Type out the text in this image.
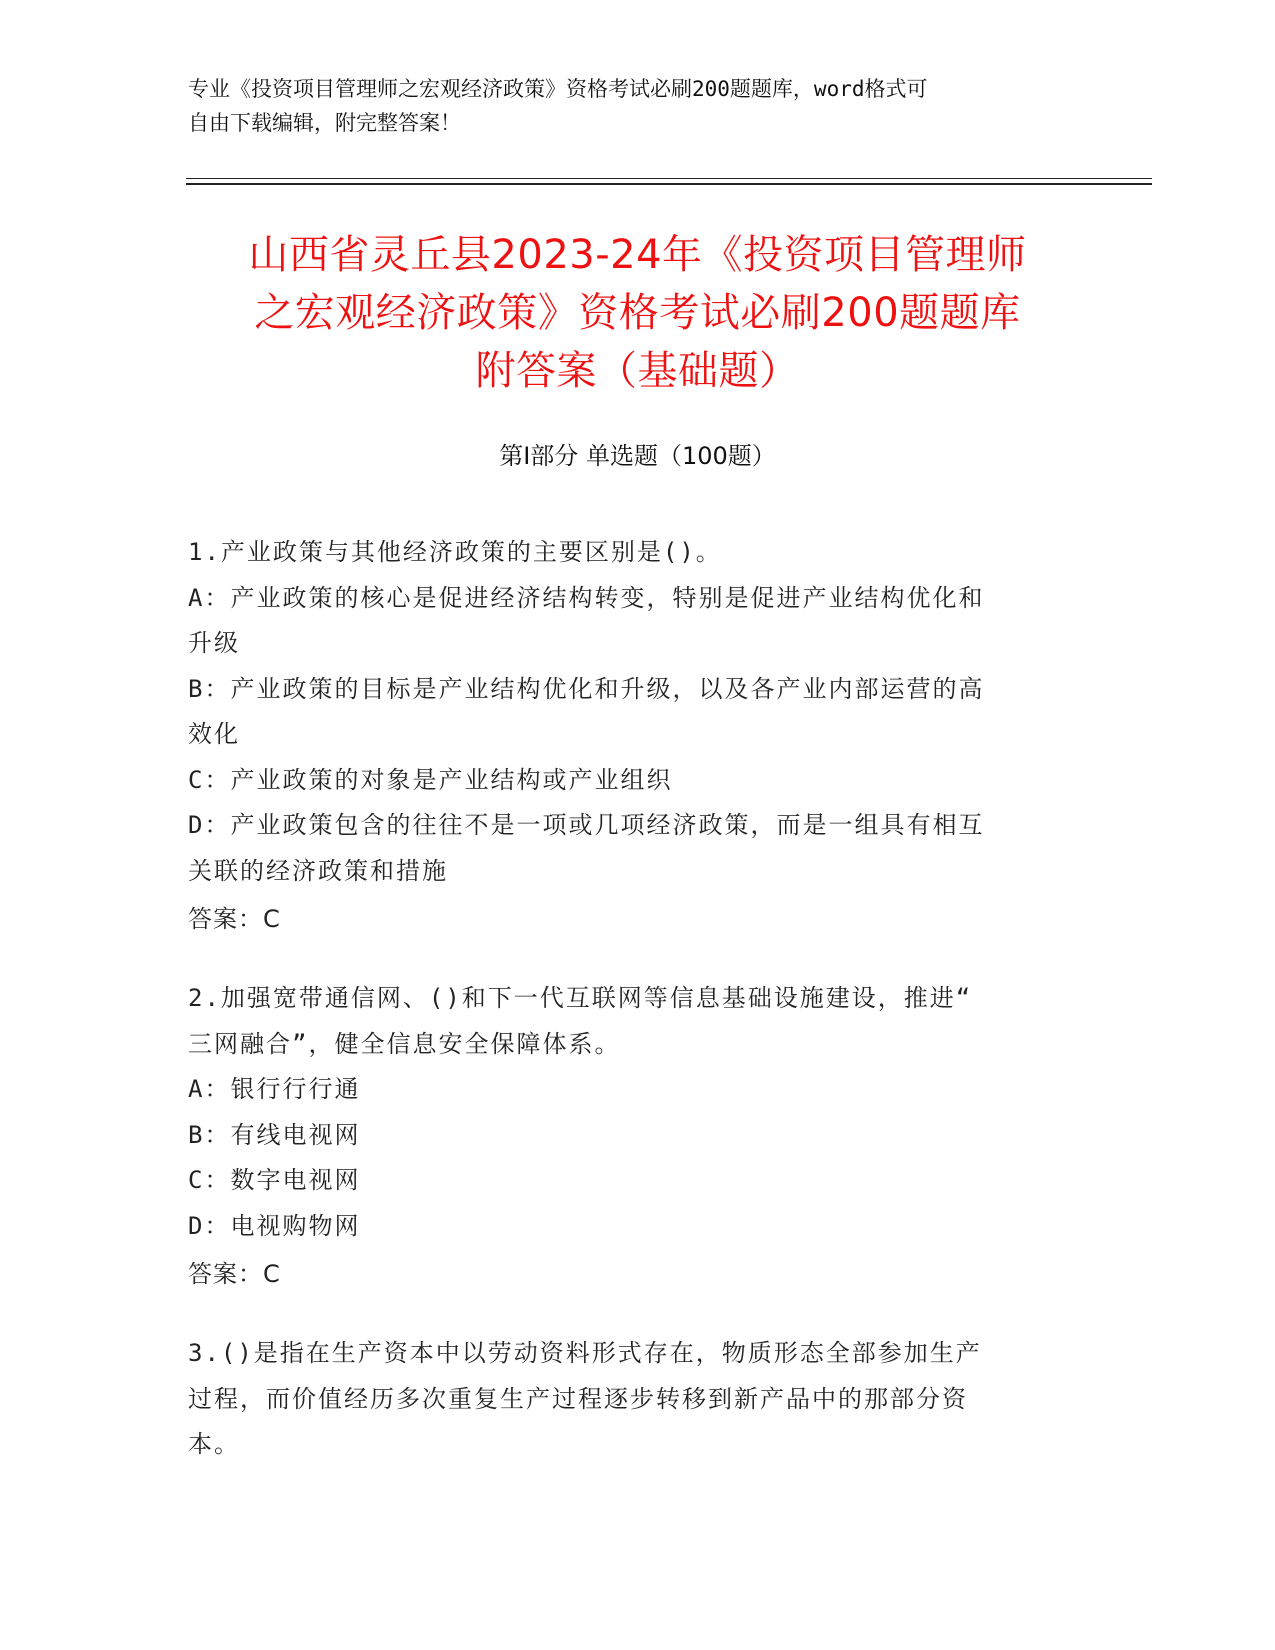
专业《投资项目管理师之宏观经济政策》资格考试必刷200题题库，word格式可

自由下载编辑，附完整答案！

山西省灵丘县2023-24年《投资项目管理师

之宏观经济政策》资格考试必刷200题题库

附答案（基础题）

第Ⅰ部分 单选题（100题）

1.产业政策与其他经济政策的主要区别是()。

A：产业政策的核心是促进经济结构转变，特别是促进产业结构优化和

升级

B：产业政策的目标是产业结构优化和升级，以及各产业内部运营的高

效化

C：产业政策的对象是产业结构或产业组织

D：产业政策包含的往往不是一项或几项经济政策，而是一组具有相互

关联的经济政策和措施

答案：C

2.加强宽带通信网、()和下一代互联网等信息基础设施建设，推进“

三网融合”，健全信息安全保障体系。

A：银行行行通

B：有线电视网

C：数字电视网

D：电视购物网

答案：C

3.()是指在生产资本中以劳动资料形式存在，物质形态全部参加生产

过程，而价值经历多次重复生产过程逐步转移到新产品中的那部分资

本。
